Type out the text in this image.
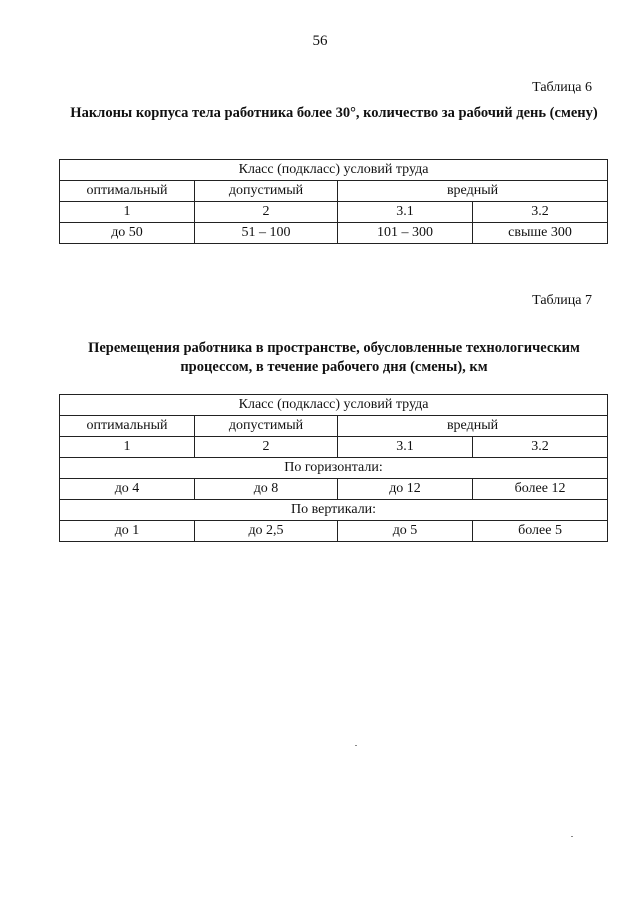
56
Таблица 6
Наклоны корпуса тела работника более 30°, количество за рабочий день (смену)
Класс (подкласс) условий труда			
оптимальный	допустимый	вредный	
1	2	3.1	3.2
до 50	51 – 100	101 – 300	свыше 300
Таблица 7
Перемещения работника в пространстве, обусловленные технологическим процессом, в течение рабочего дня (смены), км
Класс (подкласс) условий труда			
оптимальный	допустимый	вредный	
1	2	3.1	3.2
По горизонтали:			
до 4	до 8	до 12	более 12
По вертикали:			
до 1	до 2,5	до 5	более 5
